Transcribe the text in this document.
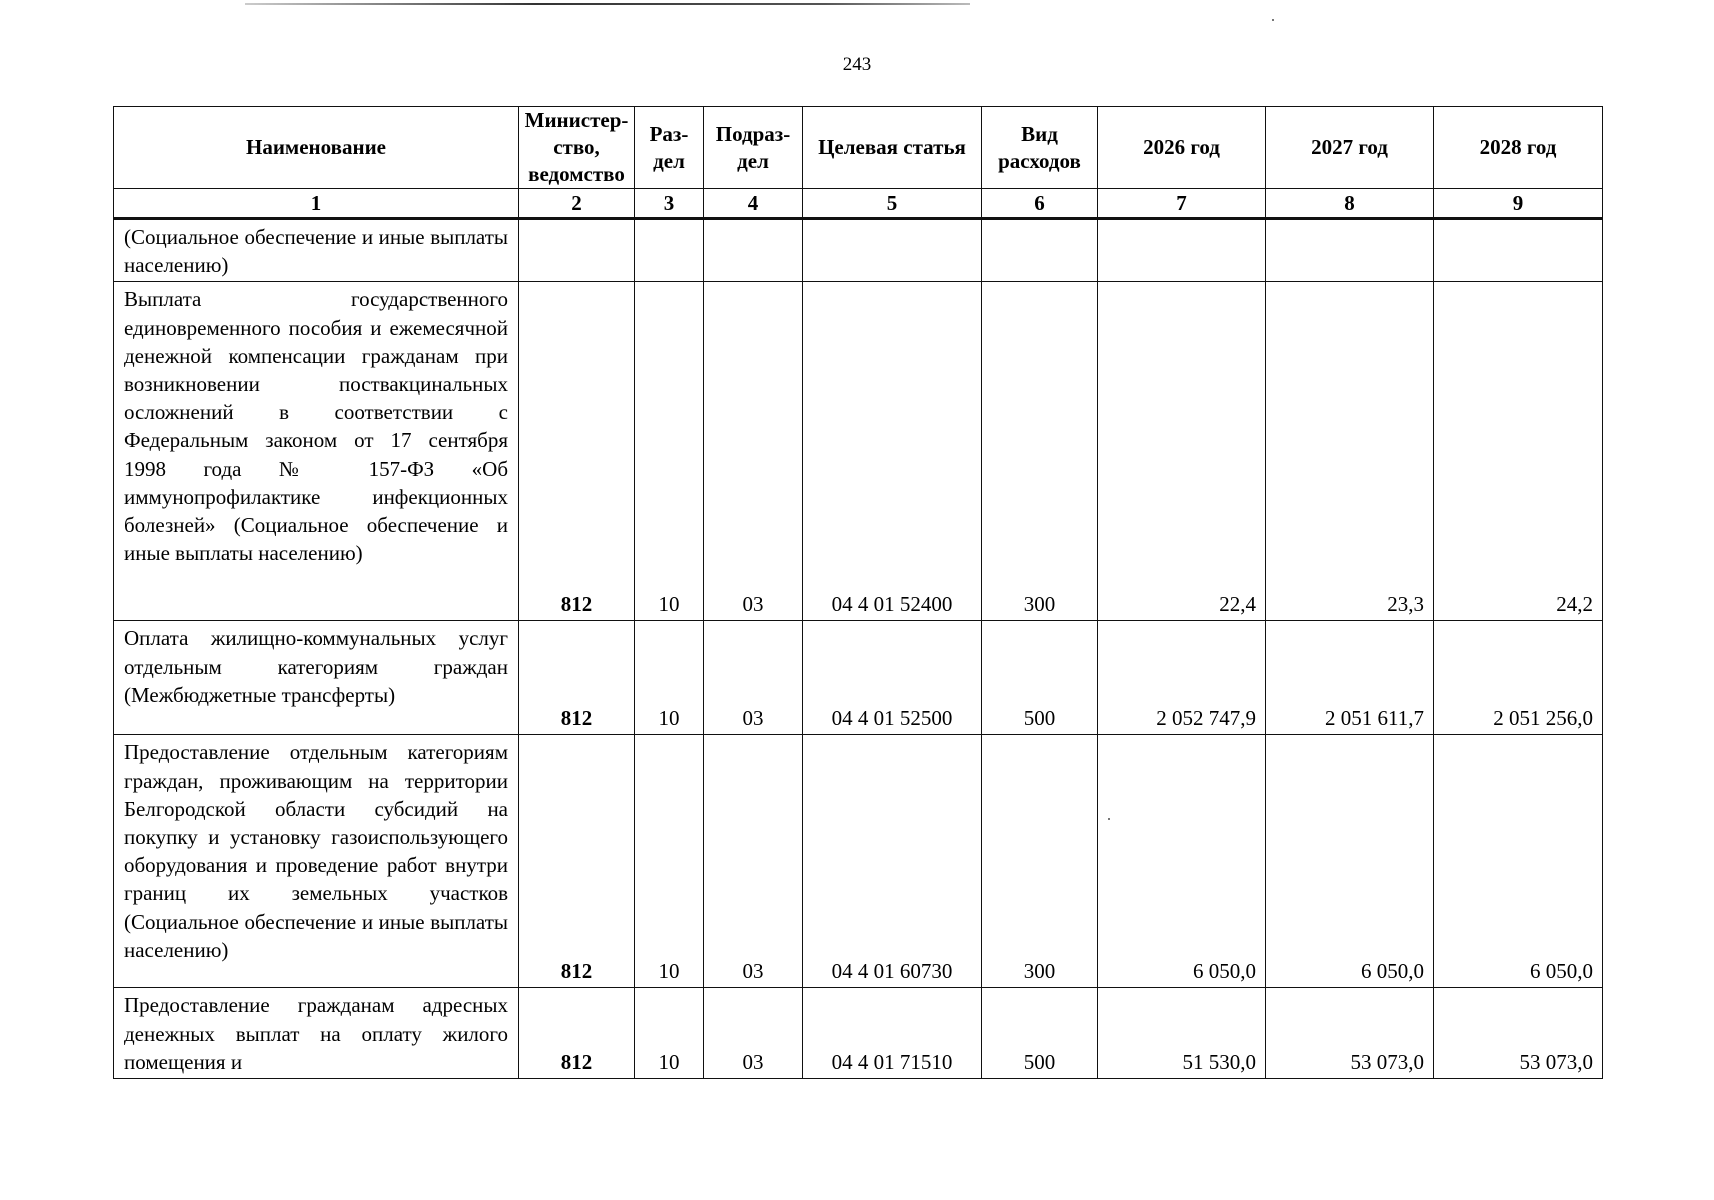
243
Наименование	Министер-ство, ведомство	Раз-дел	Подраз-дел	Целевая статья	Вид расходов	2026 год	2027 год	2028 год
1	2	3	4	5	6	7	8	9

(Социальное обеспечение и иные выплаты населению)								

Выплата государственного единовременного пособия и ежемесячной денежной компенсации гражданам при возникновении поствакцинальных осложнений в соответствии с Федеральным законом от 17 сентября 1998 года № 157-ФЗ «Об иммунопрофилактике инфекционных болезней» (Социальное обеспечение и иные выплаты населению)	812	10	03	04 4 01 52400	300	22,4	23,3	24,2

Оплата жилищно-коммунальных услуг отдельным категориям граждан (Межбюджетные трансферты)	812	10	03	04 4 01 52500	500	2 052 747,9	2 051 611,7	2 051 256,0

Предоставление отдельным категориям граждан, проживающим на территории Белгородской области субсидий на покупку и установку газоиспользующего оборудования и проведение работ внутри границ их земельных участков (Социальное обеспечение и иные выплаты населению)	812	10	03	04 4 01 60730	300	6 050,0	6 050,0	6 050,0

Предоставление гражданам адресных денежных выплат на оплату жилого помещения и	812	10	03	04 4 01 71510	500	51 530,0	53 073,0	53 073,0
